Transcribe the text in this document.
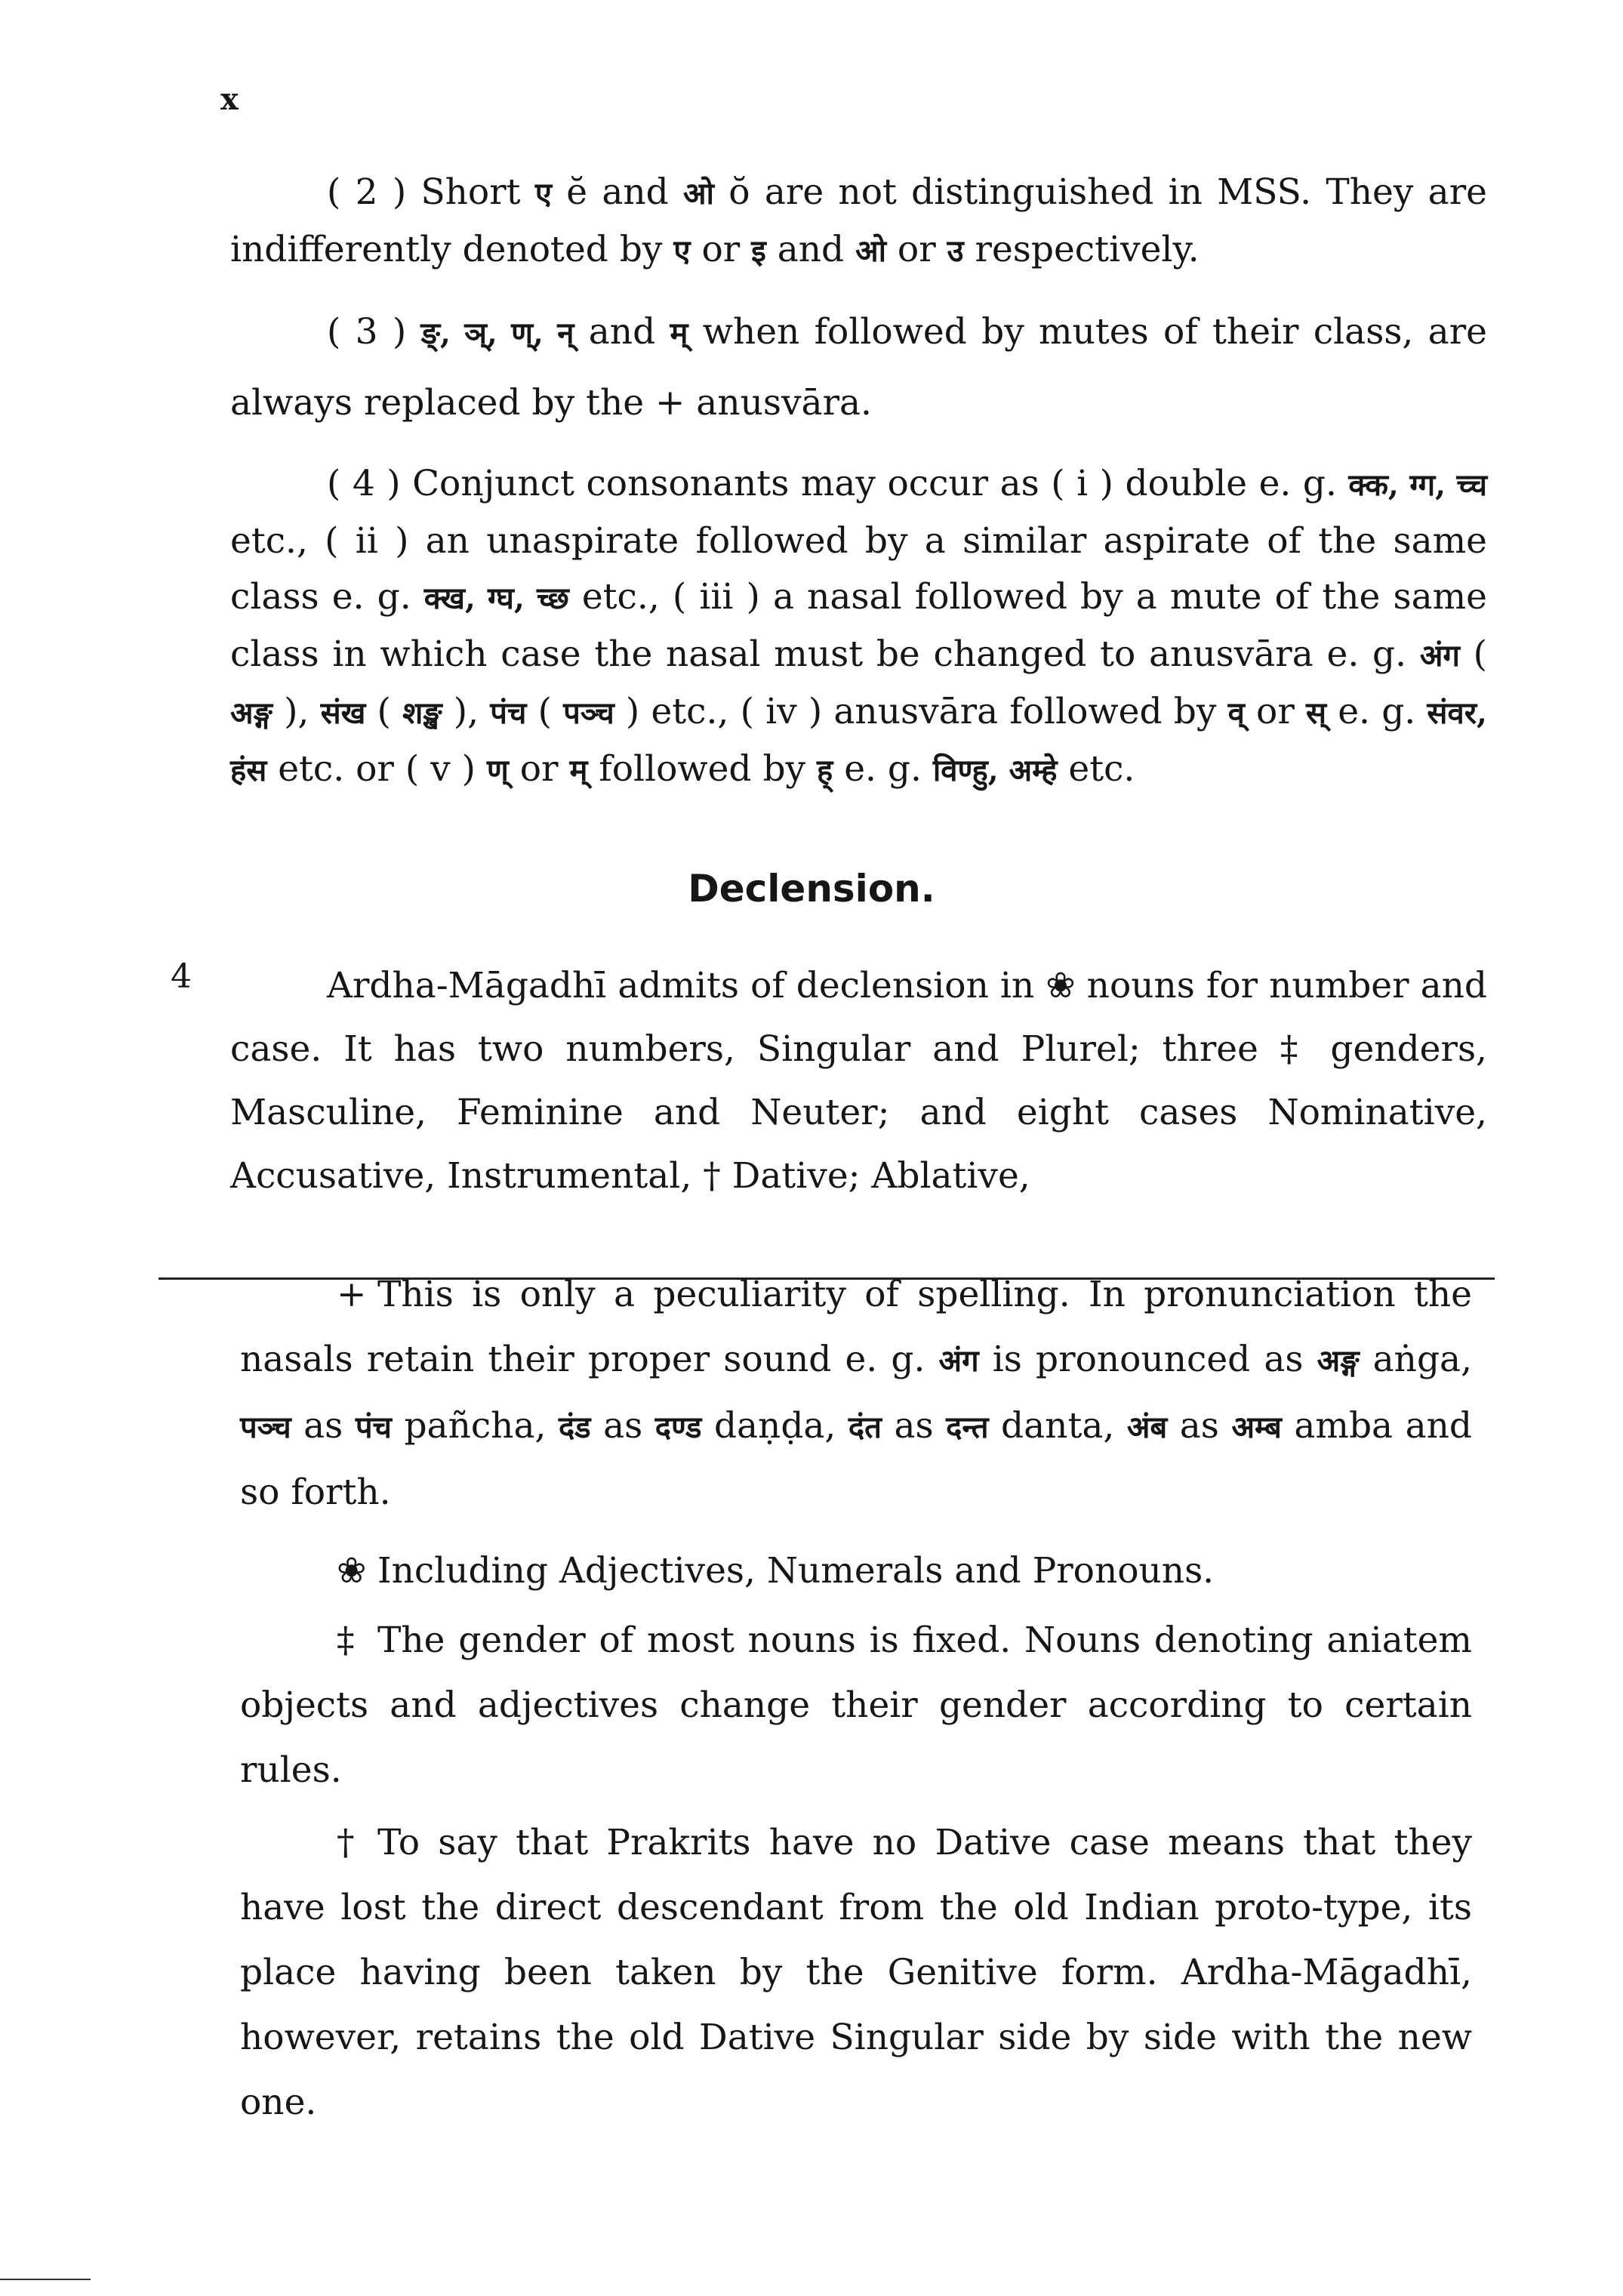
x

( 2 ) Short ए ĕ and ओ ŏ are not distinguished in MSS. They are indifferently denoted by ए or इ and ओ or उ respectively.

( 3 ) ङ्, ञ्, ण्, न् and म् when followed by mutes of their class, are always replaced by the + anusvāra.

( 4 ) Conjunct consonants may occur as ( i ) double e. g. क्क, ग्ग, च्च etc., ( ii ) an unaspirate followed by a similar aspirate of the same class e. g. क्ख, ग्घ, च्छ etc., ( iii ) a nasal followed by a mute of the same class in which case the nasal must be changed to anusvāra e. g. अंग ( अङ्ग ), संख ( शङ्ख ), पंच ( पञ्च ) etc., ( iv ) anusvāra followed by व् or स् e. g. संवर, हंस etc. or ( v ) ण् or म् followed by ह् e. g. विण्हु, अम्हे etc.

Declension.
4	Ardha-Māgadhī admits of declension in ❀ nouns for number and case. It has two numbers, Singular and Plurel; three ‡ genders, Masculine, Feminine and Neuter; and eight cases Nominative, Accusative, Instrumental, † Dative; Ablative,

+ This is only a peculiarity of spelling. In pronunciation the nasals retain their proper sound e. g. अंग is pronounced as अङ्ग aṅga, पञ्च as पंच pañcha, दंड as दण्ड daṇḍa, दंत as दन्त danta, अंब as अम्ब amba and so forth.

❀ Including Adjectives, Numerals and Pronouns.

‡ The gender of most nouns is fixed. Nouns denoting aniatem objects and adjectives change their gender according to certain rules.

† To say that Prakrits have no Dative case means that they have lost the direct descendant from the old Indian proto-type, its place having been taken by the Genitive form. Ardha-Māgadhī, however, retains the old Dative Singular side by side with the new one.
